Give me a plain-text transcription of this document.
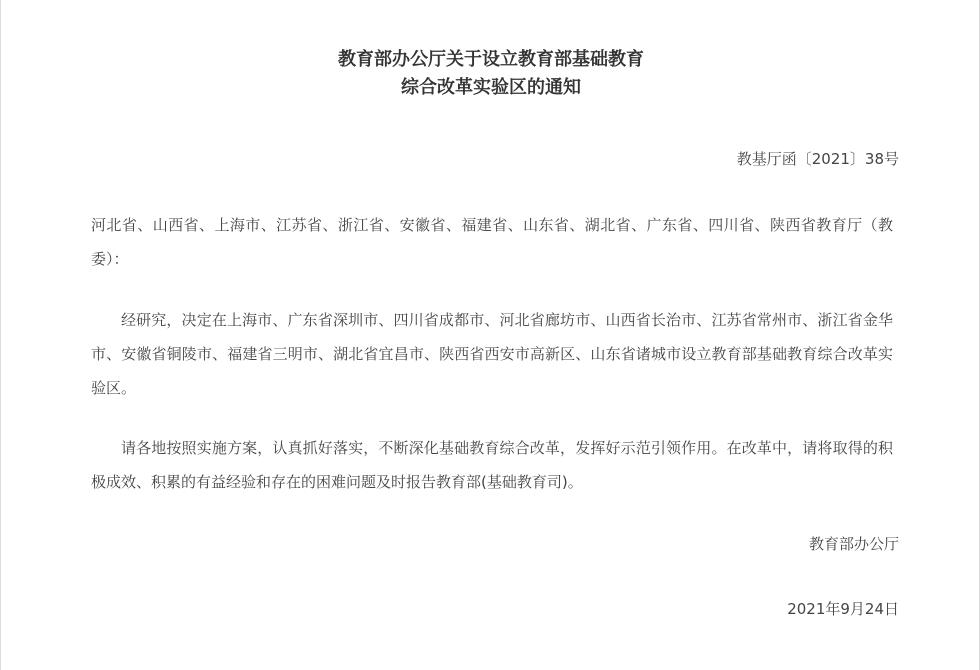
教育部办公厅关于设立教育部基础教育
综合改革实验区的通知
教基厅函〔2021〕38号
河北省、山西省、上海市、江苏省、浙江省、安徽省、福建省、山东省、湖北省、广东省、四川省、陕西省教育厅（教委）：
经研究，决定在上海市、广东省深圳市、四川省成都市、河北省廊坊市、山西省长治市、江苏省常州市、浙江省金华市、安徽省铜陵市、福建省三明市、湖北省宜昌市、陕西省西安市高新区、山东省诸城市设立教育部基础教育综合改革实验区。
请各地按照实施方案，认真抓好落实，不断深化基础教育综合改革，发挥好示范引领作用。在改革中，请将取得的积极成效、积累的有益经验和存在的困难问题及时报告教育部(基础教育司)。
教育部办公厅
2021年9月24日
